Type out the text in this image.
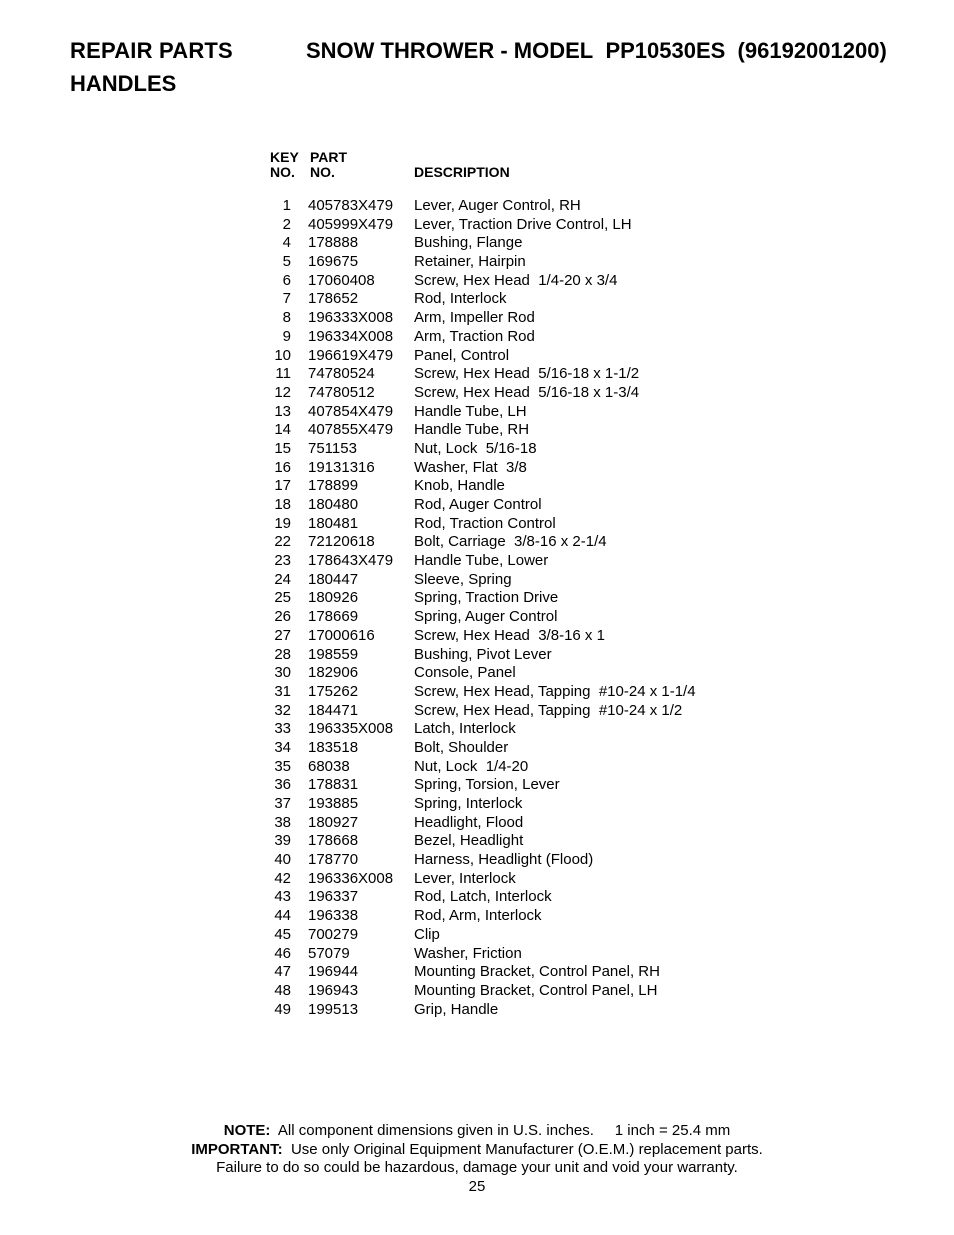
REPAIR PARTS	SNOW THROWER - MODEL PP10530ES (96192001200)
HANDLES
KEY
NO.
PART
NO.	DESCRIPTION
1 405783X479 Lever, Auger Control, RH
2 405999X479 Lever, Traction Drive Control, LH
4 178888	Bushing, Flange
5 169675	Retainer, Hairpin
6 17060408	Screw, Hex Head  1/4-20 x 3/4
7 178652	Rod, Interlock
8 196333X008 Arm, Impeller Rod
9 196334X008 Arm, Traction Rod
10 196619X479 Panel, Control
11 74780524	Screw, Hex Head  5/16-18 x 1-1/2
12 74780512	Screw, Hex Head  5/16-18 x 1-3/4
13 407854X479 Handle Tube, LH
14 407855X479 Handle Tube, RH
15 751153	Nut, Lock  5/16-18
16 19131316	Washer, Flat  3/8
17 178899	Knob, Handle
18 180480	Rod, Auger Control
19 180481	Rod, Traction Control
22 72120618	Bolt, Carriage  3/8-16 x 2-1/4
23 178643X479 Handle Tube, Lower
24 180447	Sleeve, Spring
25 180926	Spring, Traction Drive
26 178669	Spring, Auger Control
27 17000616	Screw, Hex Head  3/8-16 x 1
28 198559	Bushing, Pivot Lever
30 182906	Console, Panel
31 175262	Screw, Hex Head, Tapping  #10-24 x 1-1/4
32 184471	Screw, Hex Head, Tapping  #10-24 x 1/2
33 196335X008 Latch, Interlock
34 183518	Bolt, Shoulder
35 68038	Nut, Lock  1/4-20
36 178831	Spring, Torsion, Lever
37 193885	Spring, Interlock
38 180927	Headlight, Flood
39 178668	Bezel, Headlight
40 178770	Harness, Headlight (Flood)
42 196336X008 Lever, Interlock
43 196337	Rod, Latch, Interlock
44 196338	Rod, Arm, Interlock
45 700279	Clip
46 57079	Washer, Friction
47 196944	Mounting Bracket, Control Panel, RH
48 196943	Mounting Bracket, Control Panel, LH
49 199513	Grip, Handle
NOTE: All component dimensions given in U.S. inches. 1 inch = 25.4 mm
IMPORTANT: Use only Original Equipment Manufacturer (O.E.M.) replacement parts.
Failure to do so could be hazardous, damage your unit and void your warranty.
25
